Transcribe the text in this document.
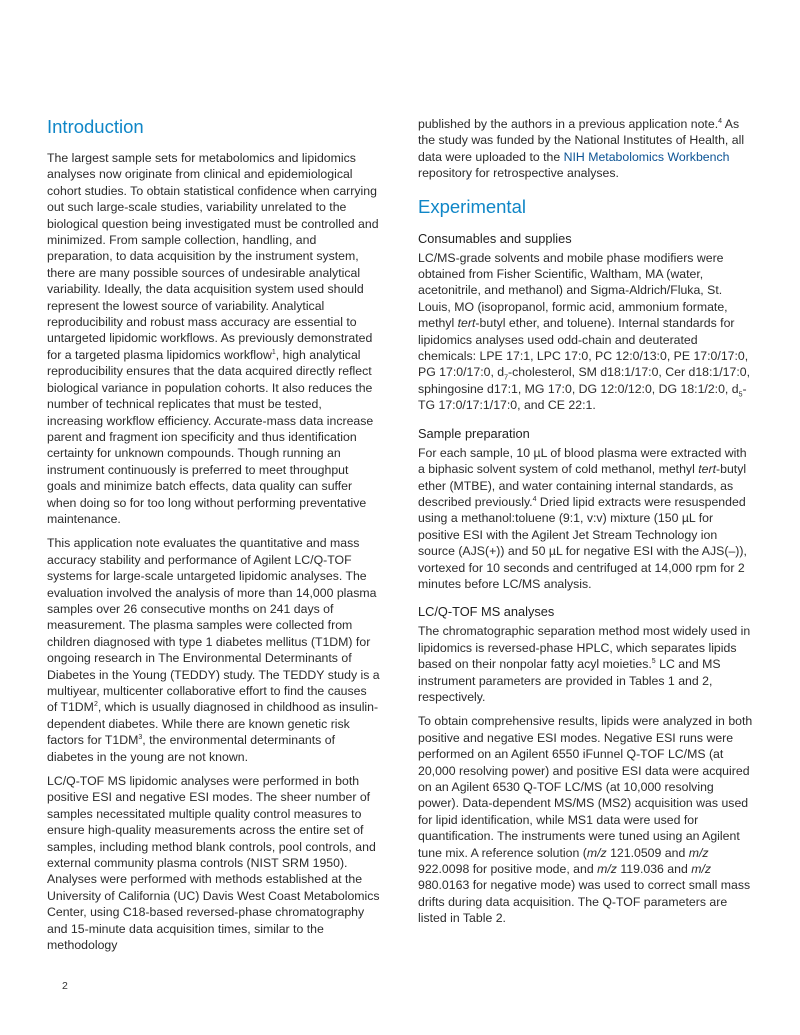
Introduction

The largest sample sets for metabolomics and lipidomics analyses now originate from clinical and epidemiological cohort studies. To obtain statistical confidence when carrying out such large-scale studies, variability unrelated to the biological question being investigated must be controlled and minimized. From sample collection, handling, and preparation, to data acquisition by the instrument system, there are many possible sources of undesirable analytical variability. Ideally, the data acquisition system used should represent the lowest source of variability. Analytical reproducibility and robust mass accuracy are essential to untargeted lipidomic workflows. As previously demonstrated for a targeted plasma lipidomics workflow$^1$, high analytical reproducibility ensures that the data acquired directly reflect biological variance in population cohorts. It also reduces the number of technical replicates that must be tested, increasing workflow efficiency. Accurate-mass data increase parent and fragment ion specificity and thus identification certainty for unknown compounds. Though running an instrument continuously is preferred to meet throughput goals and minimize batch effects, data quality can suffer when doing so for too long without performing preventative maintenance.

This application note evaluates the quantitative and mass accuracy stability and performance of Agilent LC/Q-TOF systems for large-scale untargeted lipidomic analyses. The evaluation involved the analysis of more than 14,000 plasma samples over 26 consecutive months on 241 days of measurement. The plasma samples were collected from children diagnosed with type 1 diabetes mellitus (T1DM) for ongoing research in The Environmental Determinants of Diabetes in the Young (TEDDY) study. The TEDDY study is a multiyear, multicenter collaborative effort to find the causes of $T1DM^2$, which is usually diagnosed in childhood as insulin-dependent diabetes. While there are known genetic risk factors for $T1DM^3$, the environmental determinants of diabetes in the young are not known.

LC/Q-TOF MS lipidomic analyses were performed in both positive ESI and negative ESI modes. The sheer number of samples necessitated multiple quality control measures to ensure high-quality measurements across the entire set of samples, including method blank controls, pool controls, and external community plasma controls (NIST SRM 1950). Analyses were performed with methods established at the University of California (UC) Davis West Coast Metabolomics Center, using C18-based reversed-phase chromatography and 15-minute data acquisition times, similar to the methodology

published by the authors in a previous application note.$^4$ As the study was funded by the National Institutes of Health, all data were uploaded to the NIH Metabolomics Workbench repository for retrospective analyses.

Experimental
Consumables and supplies

LC/MS-grade solvents and mobile phase modifiers were obtained from Fisher Scientific, Waltham, MA (water, acetonitrile, and methanol) and Sigma-Aldrich/Fluka, St. Louis, MO (isopropanol, formic acid, ammonium formate, methyl tert-butyl ether, and toluene). Internal standards for lipidomics analyses used odd-chain and deuterated chemicals: LPE 17:1, LPC 17:0, PC 12:0/13:0, PE 17:0/17:0, PG 17:0/17:0, $d_7$-cholesterol, SM d18:1/17:0, Cer d18:1/17:0, sphingosine d17:1, MG 17:0, DG 12:0/12:0, DG 18:1/2:0, $d_5-TG$ 17:0/17:1/17:0, and CE 22:1.

Sample preparation

For each sample, 10 µL of blood plasma were extracted with a biphasic solvent system of cold methanol, methyl tert-butyl ether (MTBE), and water containing internal standards, as described previously.$^4$ Dried lipid extracts were resuspended using a methanol:toluene (9:1, v:v) mixture (150 µL for positive ESI with the Agilent Jet Stream Technology ion source (AJS(+)) and 50 µL for negative ESI with the AJS(–)), vortexed for 10 seconds and centrifuged at 14,000 rpm for 2 minutes before LC/MS analysis.

LC/Q-TOF MS analyses

The chromatographic separation method most widely used in lipidomics is reversed-phase HPLC, which separates lipids based on their nonpolar fatty acyl moieties.$^5$ LC and MS instrument parameters are provided in Tables 1 and 2, respectively.

To obtain comprehensive results, lipids were analyzed in both positive and negative ESI modes. Negative ESI runs were performed on an Agilent 6550 iFunnel Q-TOF LC/MS (at 20,000 resolving power) and positive ESI data were acquired on an Agilent 6530 Q-TOF LC/MS (at 10,000 resolving power). Data-dependent MS/MS (MS2) acquisition was used for lipid identification, while MS1 data were used for quantification. The instruments were tuned using an Agilent tune mix. A reference solution (m/z 121.0509 and m/z 922.0098 for positive mode, and m/z 119.036 and m/z 980.0163 for negative mode) was used to correct small mass drifts during data acquisition. The Q-TOF parameters are listed in Table 2.

2
